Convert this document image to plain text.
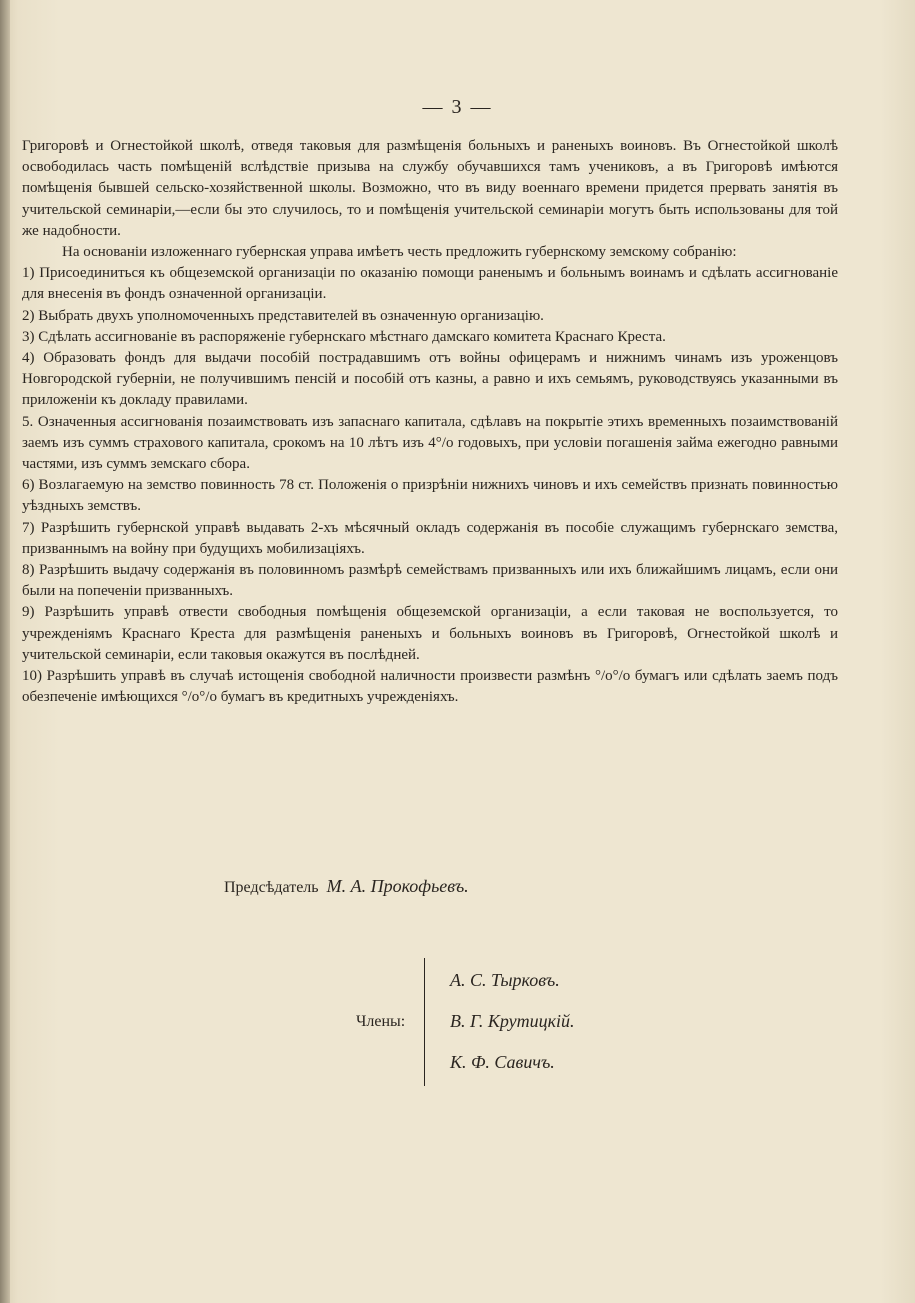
— 3 —

Григоровѣ и Огнестойкой школѣ, отведя таковыя для размѣщенія больныхъ и раненыхъ воиновъ. Въ Огнестойкой школѣ освободилась часть помѣщеній вслѣдствіе призыва на службу обучавшихся тамъ учениковъ, а въ Григоровѣ имѣются помѣщенія бывшей сельско-хозяйственной школы. Возможно, что въ виду военнаго времени придется прервать занятія въ учительской семинаріи,—если бы это случилось, то и помѣщенія учительской семинаріи могутъ быть использованы для той же надобности.

На основаніи изложеннаго губернская управа имѣетъ честь предложить губернскому земскому собранію:

1) Присоединиться къ общеземской организаціи по оказанію помощи раненымъ и больнымъ воинамъ и сдѣлать ассигнованіе для внесенія въ фондъ означенной организаціи.

2) Выбрать двухъ уполномоченныхъ представителей въ означенную организацію.

3) Сдѣлать ассигнованіе въ распоряженіе губернскаго мѣстнаго дамскаго комитета Краснаго Креста.

4) Образовать фондъ для выдачи пособій пострадавшимъ отъ войны офицерамъ и нижнимъ чинамъ изъ уроженцовъ Новгородской губерніи, не получившимъ пенсій и пособій отъ казны, а равно и ихъ семьямъ, руководствуясь указанными въ приложеніи къ докладу правилами.

5. Означенныя ассигнованія позаимствовать изъ запаснаго капитала, сдѣлавъ на покрытіе этихъ временныхъ позаимствованій заемъ изъ суммъ страхового капитала, срокомъ на 10 лѣтъ изъ 4°/о годовыхъ, при условіи погашенія займа ежегодно равными частями, изъ суммъ земскаго сбора.

6) Возлагаемую на земство повинность 78 ст. Положенія о призрѣніи нижнихъ чиновъ и ихъ семействъ признать повинностью уѣздныхъ земствъ.

7) Разрѣшить губернской управѣ выдавать 2-хъ мѣсячный окладъ содержанія въ пособіе служащимъ губернскаго земства, призваннымъ на войну при будущихъ мобилизаціяхъ.

8) Разрѣшить выдачу содержанія въ половинномъ размѣрѣ семействамъ призванныхъ или ихъ ближайшимъ лицамъ, если они были на попеченіи призванныхъ.

9) Разрѣшить управѣ отвести свободныя помѣщенія общеземской организаціи, а если таковая не воспользуется, то учрежденіямъ Краснаго Креста для размѣщенія раненыхъ и больныхъ воиновъ въ Григоровѣ, Огнестойкой школѣ и учительской семинаріи, если таковыя окажутся въ послѣдней.

10) Разрѣшить управѣ въ случаѣ истощенія свободной наличности произвести размѣнъ °/о°/о бумагъ или сдѣлать заемъ подъ обезпеченіе имѣющихся °/о°/о бумагъ въ кредитныхъ учрежденіяхъ.

Предсѣдатель М. А. Прокофьевъ.
Члены:
А. С. Тырковъ.
В. Г. Крутицкій.
К. Ф. Савичъ.
